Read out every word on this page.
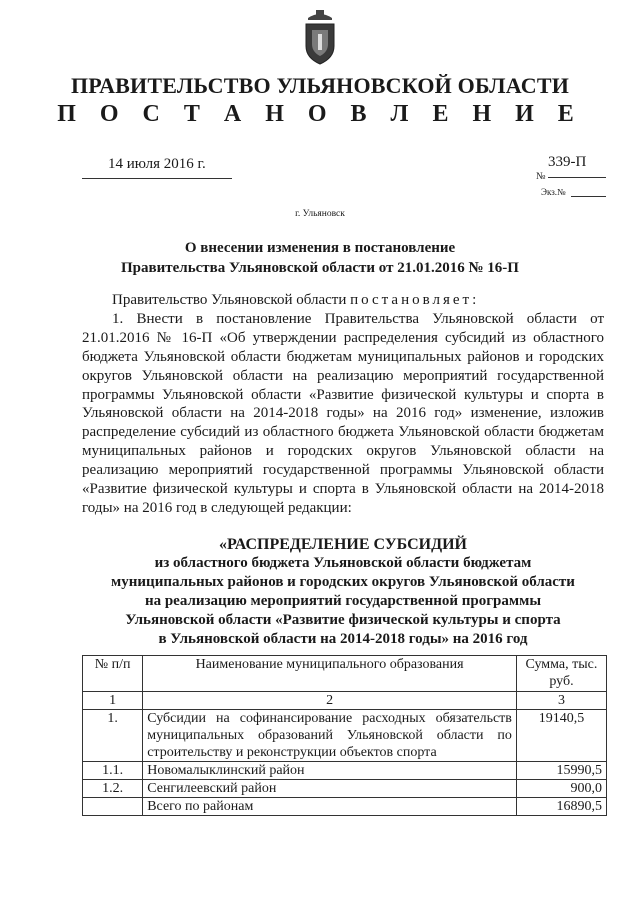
ПРАВИТЕЛЬСТВО УЛЬЯНОВСКОЙ ОБЛАСТИ
П О С Т А Н О В Л Е Н И Е
14 июля 2016 г.
№
339-П
Экз.№
г. Ульяновск
О внесении изменения в постановление
Правительства Ульяновской области от 21.01.2016 № 16-П

Правительство Ульяновской области постановляет:

1. Внести в постановление Правительства Ульяновской области от 21.01.2016 № 16-П «Об утверждении распределения субсидий из областного бюджета Ульяновской области бюджетам муниципальных районов и городских округов Ульяновской области на реализацию мероприятий государственной программы Ульяновской области «Развитие физической культуры и спорта в Ульяновской области на 2014-2018 годы» на 2016 год» изменение, изложив распределение субсидий из областного бюджета Ульяновской области бюджетам муниципальных районов и городских округов Ульяновской области на реализацию мероприятий государственной программы Ульяновской области «Развитие физической культуры и спорта в Ульяновской области на 2014-2018 годы» на 2016 год в следующей редакции:

«РАСПРЕДЕЛЕНИЕ СУБСИДИЙ
из областного бюджета Ульяновской области бюджетам
муниципальных районов и городских округов Ульяновской области
на реализацию мероприятий государственной программы
Ульяновской области «Развитие физической культуры и спорта
в Ульяновской области на 2014-2018 годы» на 2016 год
№ п/п	Наименование муниципального образования	Сумма, тыс. руб.
1	2	3
1.	Субсидии на софинансирование расходных обязательств муниципальных образований Ульяновской области по строительству и реконструкции объектов спорта	19140,5
1.1.	Новомалыклинский район	15990,5
1.2.	Сенгилеевский район	900,0
	Всего по районам	16890,5
